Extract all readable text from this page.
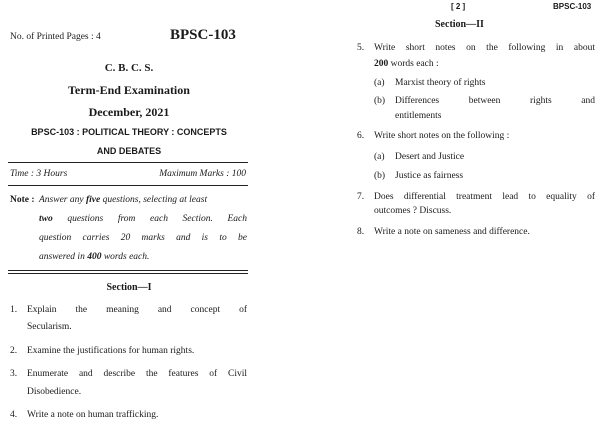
No. of Printed Pages : 4	BPSC-103
C. B. C. S.
Term-End Examination
December, 2021
BPSC-103 : POLITICAL THEORY : CONCEPTS
AND DEBATES
Time : 3 Hours	Maximum Marks : 100
Note : Answer any five questions, selecting at least
two questions from each Section. Each
question carries 20 marks and is to be
answered in 400 words each.
Section—I
1. Explain the meaning and concept of
Secularism.
2. Examine the justifications for human rights.
3. Enumerate and describe the features of Civil
Disobedience.
4. Write a note on human trafficking.
[ 2 ]	BPSC-103
Section—II
5. Write short notes on the following in about
200 words each :
(a) Marxist theory of rights
(b) Differences between rights and
entitlements
6. Write short notes on the following :
(a) Desert and Justice
(b) Justice as fairness
7. Does differential treatment lead to equality of
outcomes ? Discuss.
8. Write a note on sameness and difference.
